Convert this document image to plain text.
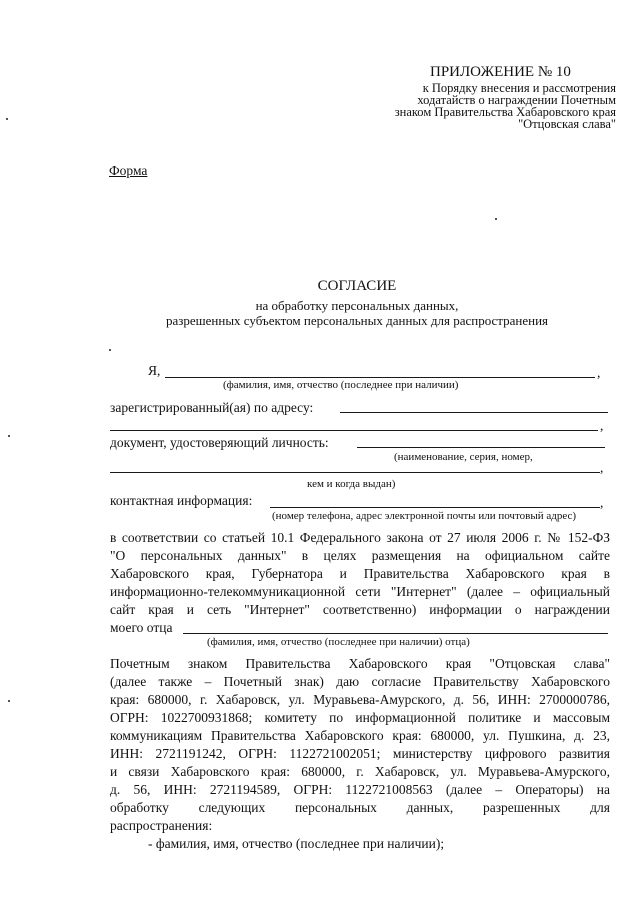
ПРИЛОЖЕНИЕ № 10
к Порядку внесения и рассмотрения
ходатайств о награждении Почетным
знаком Правительства Хабаровского края
"Отцовская слава"
Форма
СОГЛАСИЕ
на обработку персональных данных,
разрешенных субъектом персональных данных для распространения
Я,	,
(фамилия, имя, отчество (последнее при наличии)
зарегистрированный(ая) по адресу:
,
документ, удостоверяющий личность:
(наименование, серия, номер,
,
кем и когда выдан)
контактная информация:	,
(номер телефона, адрес электронной почты или почтовый адрес)
в соответствии со статьей 10.1 Федерального закона от 27 июля 2006 г. № 152-ФЗ
"О персональных данных" в целях размещения на официальном сайте
Хабаровского края, Губернатора и Правительства Хабаровского края в
информационно-телекоммуникационной сети "Интернет" (далее – официальный
сайт края и сеть "Интернет" соответственно) информации о награждении
моего отца
(фамилия, имя, отчество (последнее при наличии) отца)
Почетным знаком Правительства Хабаровского края "Отцовская слава"
(далее также – Почетный знак) даю согласие Правительству Хабаровского
края: 680000, г. Хабаровск, ул. Муравьева-Амурского, д. 56, ИНН: 2700000786,
ОГРН: 1022700931868; комитету по информационной политике и массовым
коммуникациям Правительства Хабаровского края: 680000, ул. Пушкина, д. 23,
ИНН: 2721191242, ОГРН: 1122721002051; министерству цифрового развития
и связи Хабаровского края: 680000, г. Хабаровск, ул. Муравьева-Амурского,
д. 56, ИНН: 2721194589, ОГРН: 1122721008563 (далее – Операторы) на
обработку следующих персональных данных, разрешенных для
распространения:
- фамилия, имя, отчество (последнее при наличии);
